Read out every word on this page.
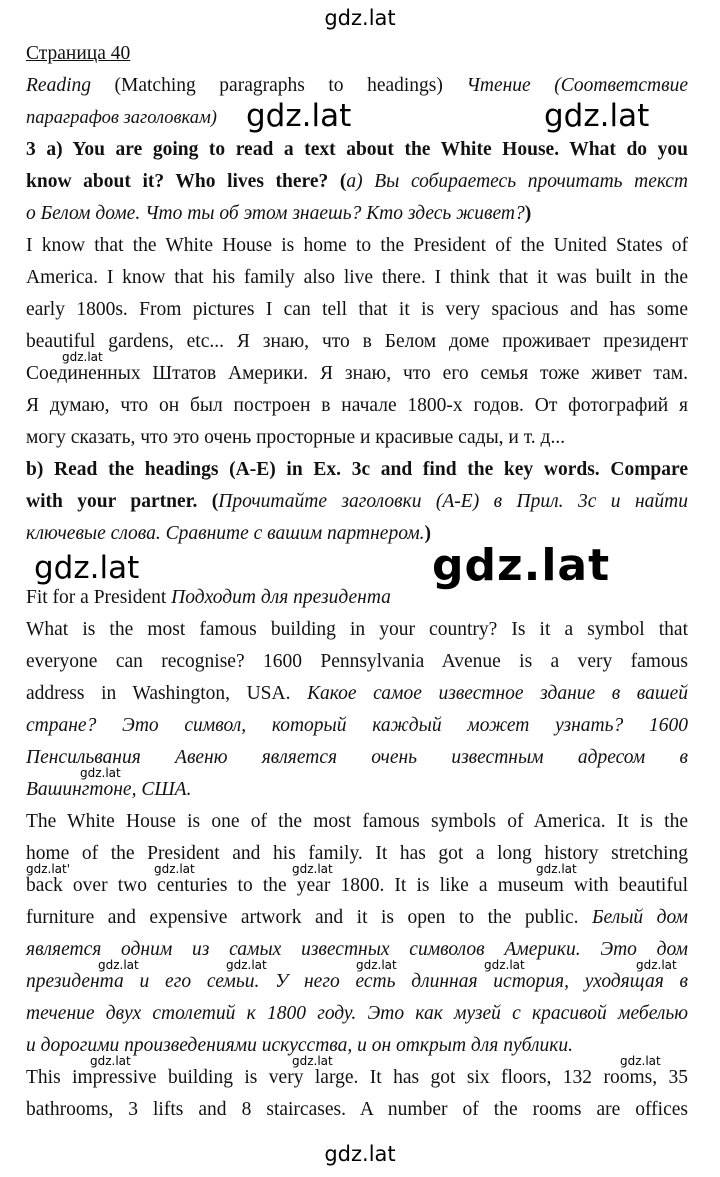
gdz.lat
gdz.lat
Страница 40
Reading (Matching paragraphs to headings) Чтение (Соответствие
параграфов заголовкам) gdz.lat	gdz.lat
3 a) You are going to read a text about the White House. What do you
know about it? Who lives there? (а) Вы собираетесь прочитать текст
о Белом доме. Что ты об этом знаешь? Кто здесь живет?)
I know that the White House is home to the President of the United States of
America. I know that his family also live there. I think that it was built in the
early 1800s. From pictures I can tell that it is very spacious and has some
beautiful gardens, etc... Я знаю, что в Белом доме проживает президент
gdz.lat
Соединенных Штатов Америки. Я знаю, что его семья тоже живет там.
Я думаю, что он был построен в начале 1800-х годов. От фотографий я
могу сказать, что это очень просторные и красивые сады, и т. д...
b) Read the headings (A-E) in Ex. 3c and find the key words. Compare
with your partner. (Прочитайте заголовки (А-Е) в Прил. 3с и найти
ключевые слова. Сравните с вашим партнером.)
gdz.lat	gdz.lat
Fit for a President Подходит для президента
What is the most famous building in your country? Is it a symbol that
everyone can recognise? 1600 Pennsylvania Avenue is a very famous
address in Washington, USA. Какое самое известное здание в вашей
стране? Это символ, который каждый может узнать? 1600
Пенсильвания Авеню является очень известным адресом в
gdz.lat
Вашингтоне, США.
The White House is one of the most famous symbols of America. It is the
home of the President and his family. It has got a long history stretching
gdz.lat'	gdz.lat	gdz.lat	gdz.lat
back over two centuries to the year 1800. It is like a museum with beautiful
furniture and expensive artwork and it is open to the public. Белый дом
является одним из самых известных символов Америки. Это дом
gdz.lat	gdz.lat	gdz.lat	gdz.lat	gdz.lat
президента и его семьи. У него есть длинная история, уходящая в
течение двух столетий к 1800 году. Это как музей с красивой мебелью
и дорогими произведениями искусства, и он открыт для публики.
gdz.lat	gdz.lat	gdz.lat
This impressive building is very large. It has got six floors, 132 rooms, 35
bathrooms, 3 lifts and 8 staircases. A number of the rooms are offices
